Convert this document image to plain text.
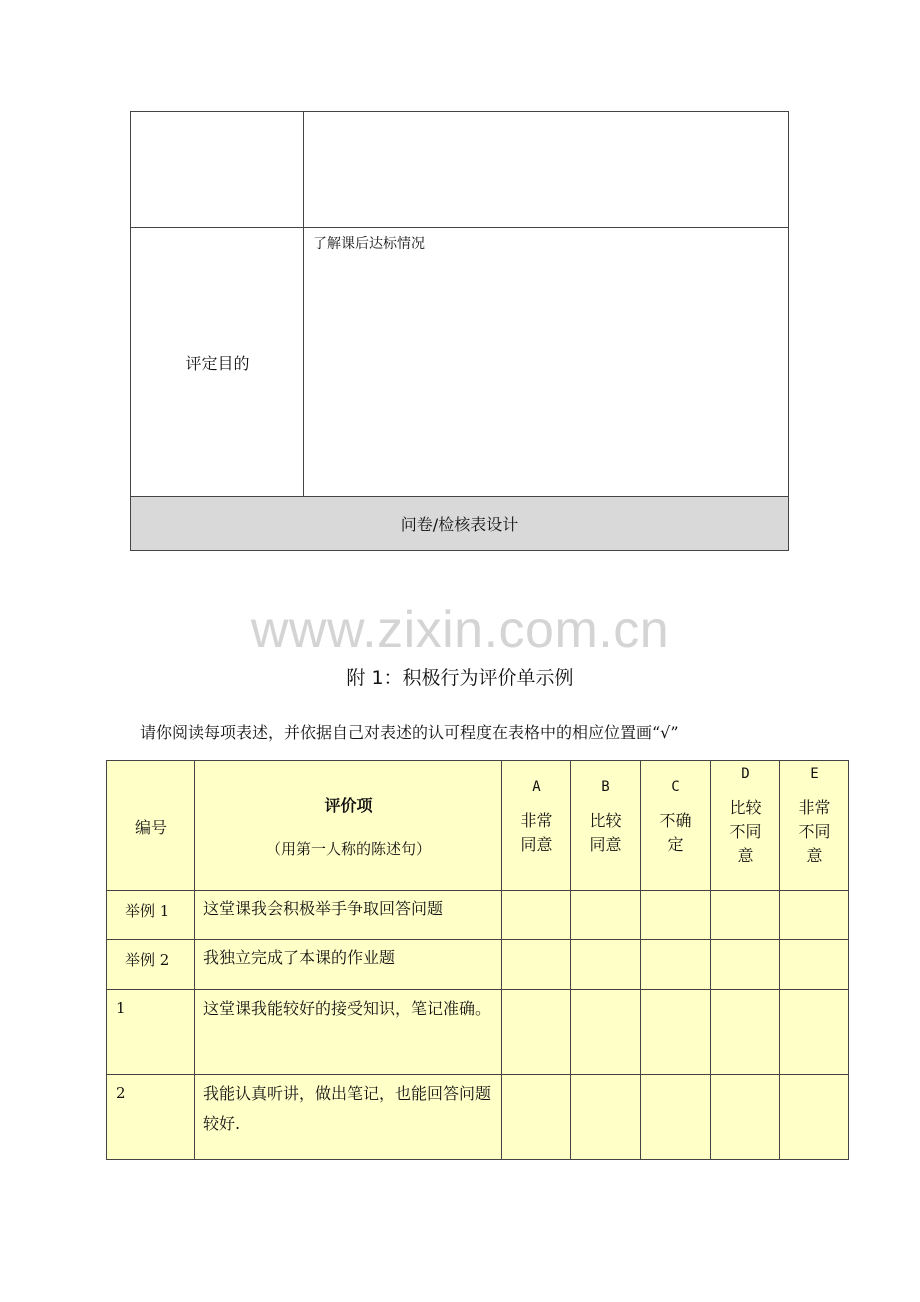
评定目的
了解课后达标情况
问卷/检核表设计
www.zixin.com.cn
附 1：积极行为评价单示例
请你阅读每项表述，并依据自己对表述的认可程度在表格中的相应位置画“√”
编号
评价项
（用第一人称的陈述句）
A
非常
同意
B
比较
同意
C
不确
定
D
比较
不同
意
E
非常
不同
意
举例 1 这堂课我会积极举手争取回答问题
举例 2 我独立完成了本课的作业题
1	这堂课我能较好的接受知识，笔记准确。
2	我能认真听讲，做出笔记，也能回答问题较好.
